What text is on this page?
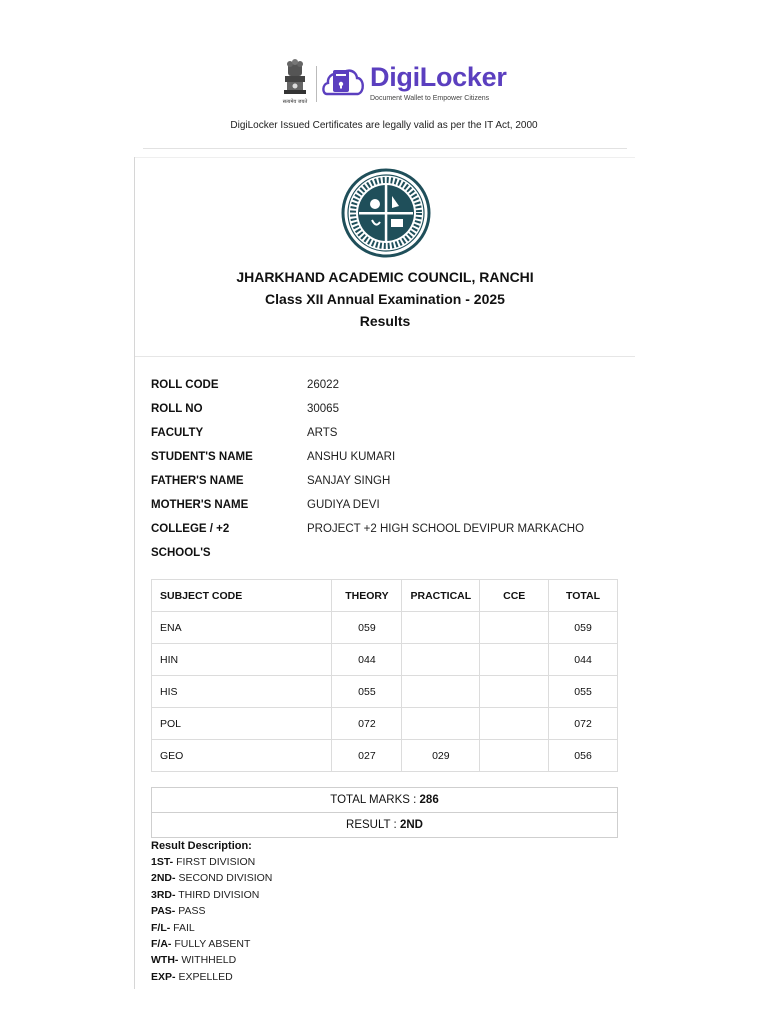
सत्यमेव जयते
DigiLocker
Document Wallet to Empower Citizens
DigiLocker Issued Certificates are legally valid as per the IT Act, 2000
JHARKHAND ACADEMIC COUNCIL, RANCHI
Class XII Annual Examination - 2025
Results
ROLL CODE	26022
ROLL NO	30065
FACULTY	ARTS
STUDENT'S NAME	ANSHU KUMARI
FATHER'S NAME	SANJAY SINGH
MOTHER'S NAME	GUDIYA DEVI
COLLEGE / +2	PROJECT +2 HIGH SCHOOL DEVIPUR MARKACHO
SCHOOL'S
SUBJECT CODE	THEORY	PRACTICAL	CCE	TOTAL
ENA	059			059
HIN	044			044
HIS	055			055
POL	072			072
GEO	027	029		056
TOTAL MARKS : 286
RESULT : 2ND
Result Description:
1ST- FIRST DIVISION
2ND- SECOND DIVISION
3RD- THIRD DIVISION
PAS- PASS
F/L- FAIL
F/A- FULLY ABSENT
WTH- WITHHELD
EXP- EXPELLED
